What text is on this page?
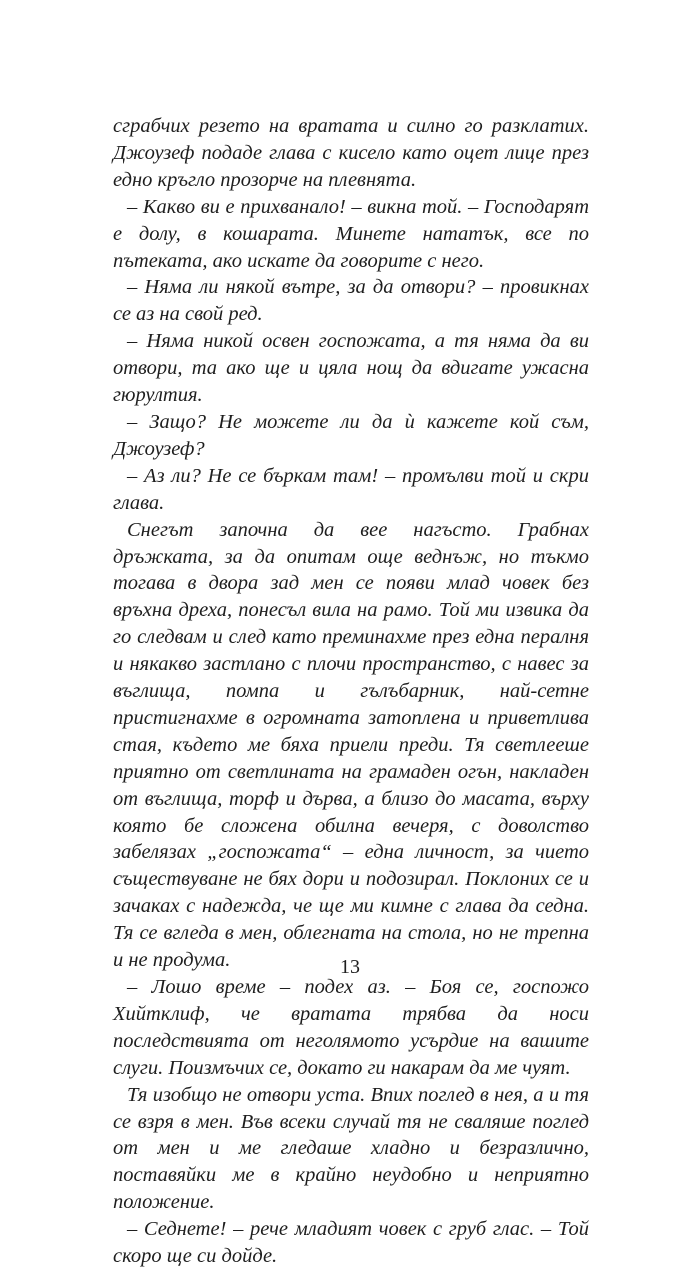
сграбчих резето на вратата и силно го разклатих. Джоузеф подаде глава с кисело като оцет лице през едно кръгло прозорче на плевнята.

– Какво ви е прихванало! – викна той. – Господарят е долу, в кошарата. Минете нататък, все по пътеката, ако искате да говорите с него.

– Няма ли някой вътре, за да отвори? – провикнах се аз на свой ред.

– Няма никой освен госпожата, а тя няма да ви отвори, та ако ще и цяла нощ да вдигате ужасна гюрултия.

– Защо? Не можете ли да ѝ кажете кой съм, Джоузеф?

– Аз ли? Не се бъркам там! – промълви той и скри глава.

Снегът започна да вее нагъсто. Грабнах дръжката, за да опитам още веднъж, но тъкмо тогава в двора зад мен се появи млад човек без връхна дреха, понесъл вила на рамо. Той ми извика да го следвам и след като преминахме през една пералня и някакво застлано с плочи пространство, с навес за въглища, помпа и гълъбарник, най-сетне пристигнахме в огромната затоплена и приветлива стая, където ме бяха приели преди. Тя светлееше приятно от светлината на грамаден огън, накладен от въглища, торф и дърва, а близо до масата, върху която бе сложена обилна вечеря, с доволство забелязах „госпожата“ – една личност, за чието съществуване не бях дори и подозирал. Поклоних се и зачаках с надежда, че ще ми кимне с глава да седна. Тя се вгледа в мен, облегната на стола, но не трепна и не продума.

– Лошо време – подех аз. – Боя се, госпожо Хийтклиф, че вратата трябва да носи последствията от неголямото усърдие на вашите слуги. Поизмъчих се, докато ги накарам да ме чуят.

Тя изобщо не отвори уста. Впих поглед в нея, а и тя се взря в мен. Във всеки случай тя не сваляше поглед от мен и ме гледаше хладно и безразлично, поставяйки ме в крайно неудобно и неприятно положение.

– Седнете! – рече младият човек с груб глас. – Той скоро ще си дойде.

13
